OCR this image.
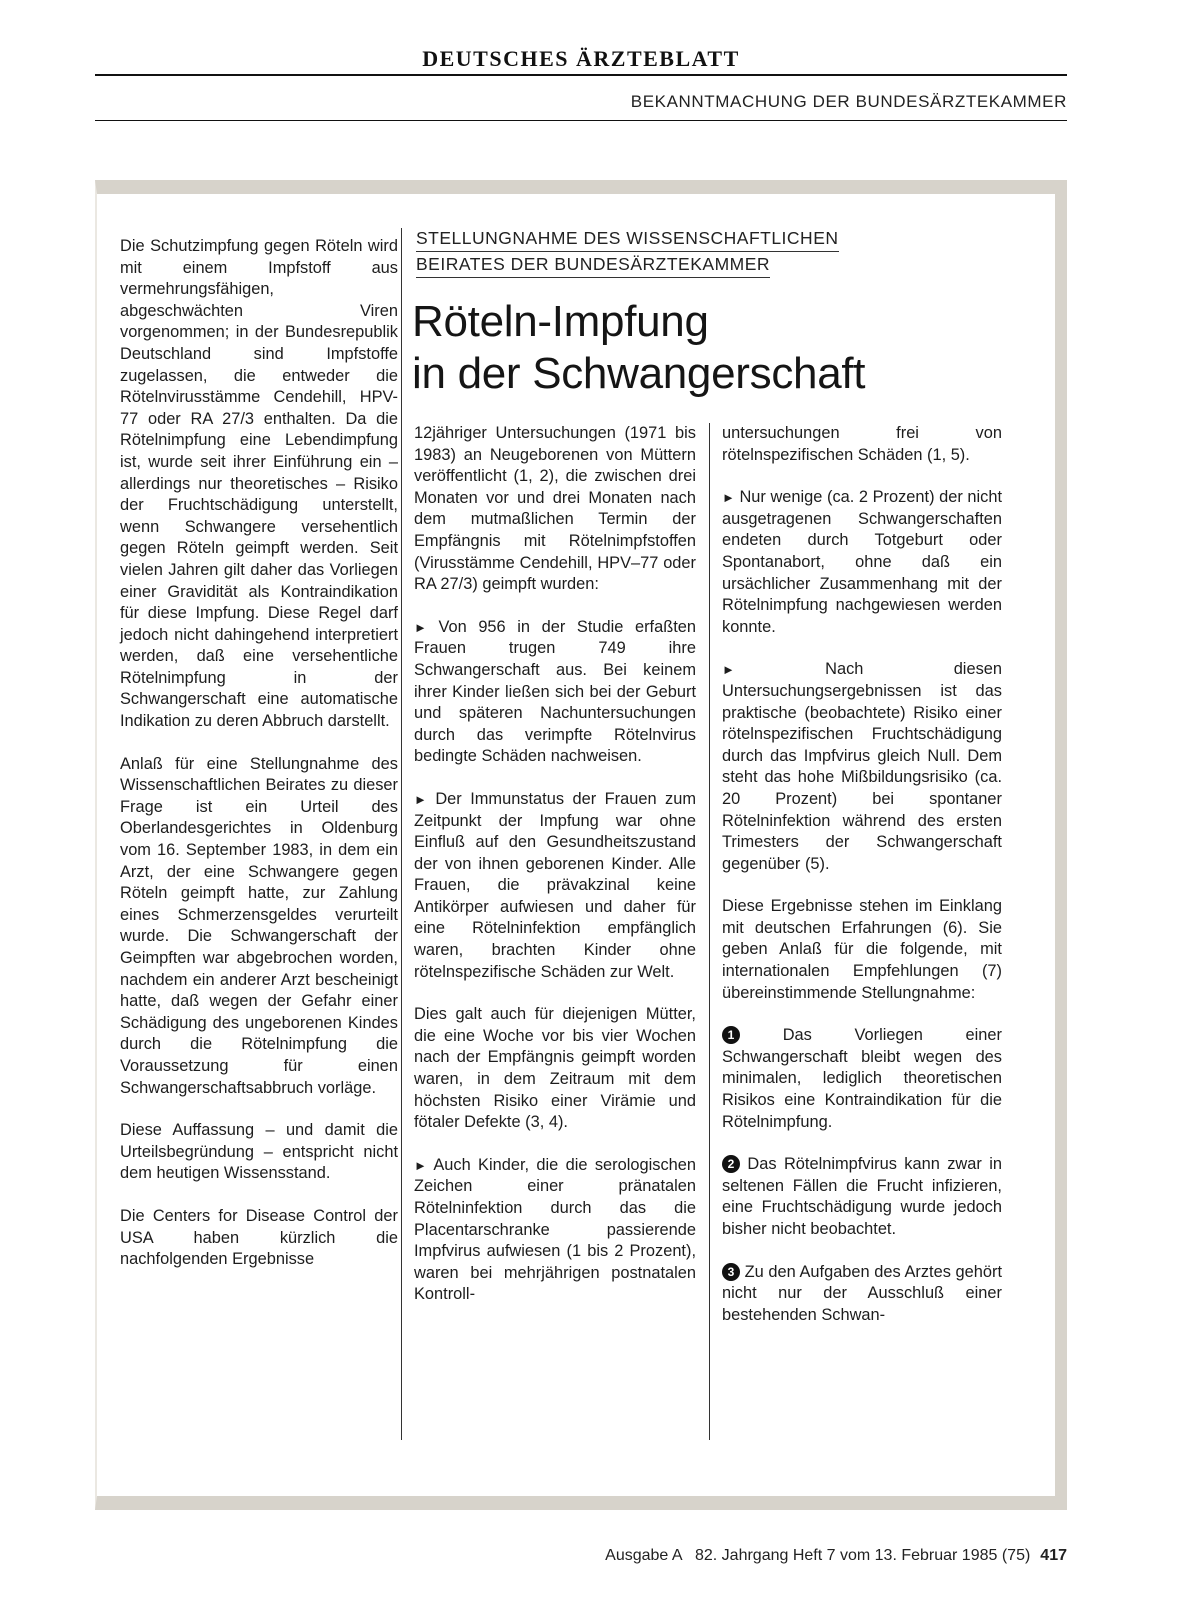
DEUTSCHES ÄRZTEBLATT
BEKANNTMACHUNG DER BUNDESÄRZTEKAMMER

Die Schutzimpfung gegen Röteln wird mit einem Impfstoff aus vermehrungsfähigen, abgeschwächten Viren vorgenommen; in der Bundesrepublik Deutschland sind Impfstoffe zugelassen, die entweder die Rötelnvirusstämme Cendehill, HPV-77 oder RA 27/3 enthalten. Da die Rötelnimpfung eine Lebendimpfung ist, wurde seit ihrer Einführung ein – allerdings nur theoretisches – Risiko der Fruchtschädigung unterstellt, wenn Schwangere versehentlich gegen Röteln geimpft werden. Seit vielen Jahren gilt daher das Vorliegen einer Gravidität als Kontraindikation für diese Impfung. Diese Regel darf jedoch nicht dahingehend interpretiert werden, daß eine versehentliche Rötelnimpfung in der Schwangerschaft eine automatische Indikation zu deren Abbruch darstellt.

Anlaß für eine Stellungnahme des Wissenschaftlichen Beirates zu dieser Frage ist ein Urteil des Oberlandesgerichtes in Oldenburg vom 16. September 1983, in dem ein Arzt, der eine Schwangere gegen Röteln geimpft hatte, zur Zahlung eines Schmerzensgeldes verurteilt wurde. Die Schwangerschaft der Geimpften war abgebrochen worden, nachdem ein anderer Arzt bescheinigt hatte, daß wegen der Gefahr einer Schädigung des ungeborenen Kindes durch die Rötelnimpfung die Voraussetzung für einen Schwangerschaftsabbruch vorläge.

Diese Auffassung – und damit die Urteilsbegründung – entspricht nicht dem heutigen Wissensstand.

Die Centers for Disease Control der USA haben kürzlich die nachfolgenden Ergebnisse

STELLUNGNAHME DES WISSENSCHAFTLICHEN
BEIRATES DER BUNDESÄRZTEKAMMER
Röteln-Impfung
in der Schwangerschaft

12jähriger Untersuchungen (1971 bis 1983) an Neugeborenen von Müttern veröffentlicht (1, 2), die zwischen drei Monaten vor und drei Monaten nach dem mutmaßlichen Termin der Empfängnis mit Rötelnimpfstoffen (Virusstämme Cendehill, HPV–77 oder RA 27/3) geimpft wurden:

► Von 956 in der Studie erfaßten Frauen trugen 749 ihre Schwangerschaft aus. Bei keinem ihrer Kinder ließen sich bei der Geburt und späteren Nachuntersuchungen durch das verimpfte Rötelnvirus bedingte Schäden nachweisen.

► Der Immunstatus der Frauen zum Zeitpunkt der Impfung war ohne Einfluß auf den Gesundheitszustand der von ihnen geborenen Kinder. Alle Frauen, die prävakzinal keine Antikörper aufwiesen und daher für eine Rötelninfektion empfänglich waren, brachten Kinder ohne rötelnspezifische Schäden zur Welt.

Dies galt auch für diejenigen Mütter, die eine Woche vor bis vier Wochen nach der Empfängnis geimpft worden waren, in dem Zeitraum mit dem höchsten Risiko einer Virämie und fötaler Defekte (3, 4).

► Auch Kinder, die die serologischen Zeichen einer pränatalen Rötelninfektion durch das die Placentarschranke passierende Impfvirus aufwiesen (1 bis 2 Prozent), waren bei mehrjährigen postnatalen Kontroll-

untersuchungen frei von rötelnspezifischen Schäden (1, 5).

► Nur wenige (ca. 2 Prozent) der nicht ausgetragenen Schwangerschaften endeten durch Totgeburt oder Spontanabort, ohne daß ein ursächlicher Zusammenhang mit der Rötelnimpfung nachgewiesen werden konnte.

►	Nach diesen Untersuchungsergebnissen ist das praktische (beobachtete) Risiko einer rötelnspezifischen Fruchtschädigung durch das Impfvirus gleich Null. Dem steht das hohe Mißbildungsrisiko (ca. 20 Prozent) bei spontaner Rötelninfektion während des ersten Trimesters der Schwangerschaft gegenüber (5).

Diese Ergebnisse stehen im Einklang mit deutschen Erfahrungen (6). Sie geben Anlaß für die folgende, mit internationalen Empfehlungen (7) übereinstimmende Stellungnahme:

1	Das Vorliegen einer Schwangerschaft bleibt wegen des minimalen, lediglich theoretischen Risikos eine Kontraindikation für die Rötelnimpfung.

2 Das Rötelnimpfvirus kann zwar in seltenen Fällen die Frucht infizieren, eine Fruchtschädigung wurde jedoch bisher nicht beobachtet.

3 Zu den Aufgaben des Arztes gehört nicht nur der Ausschluß einer bestehenden Schwan-

Ausgabe A   82. Jahrgang Heft 7 vom 13. Februar 1985 (75) 417
